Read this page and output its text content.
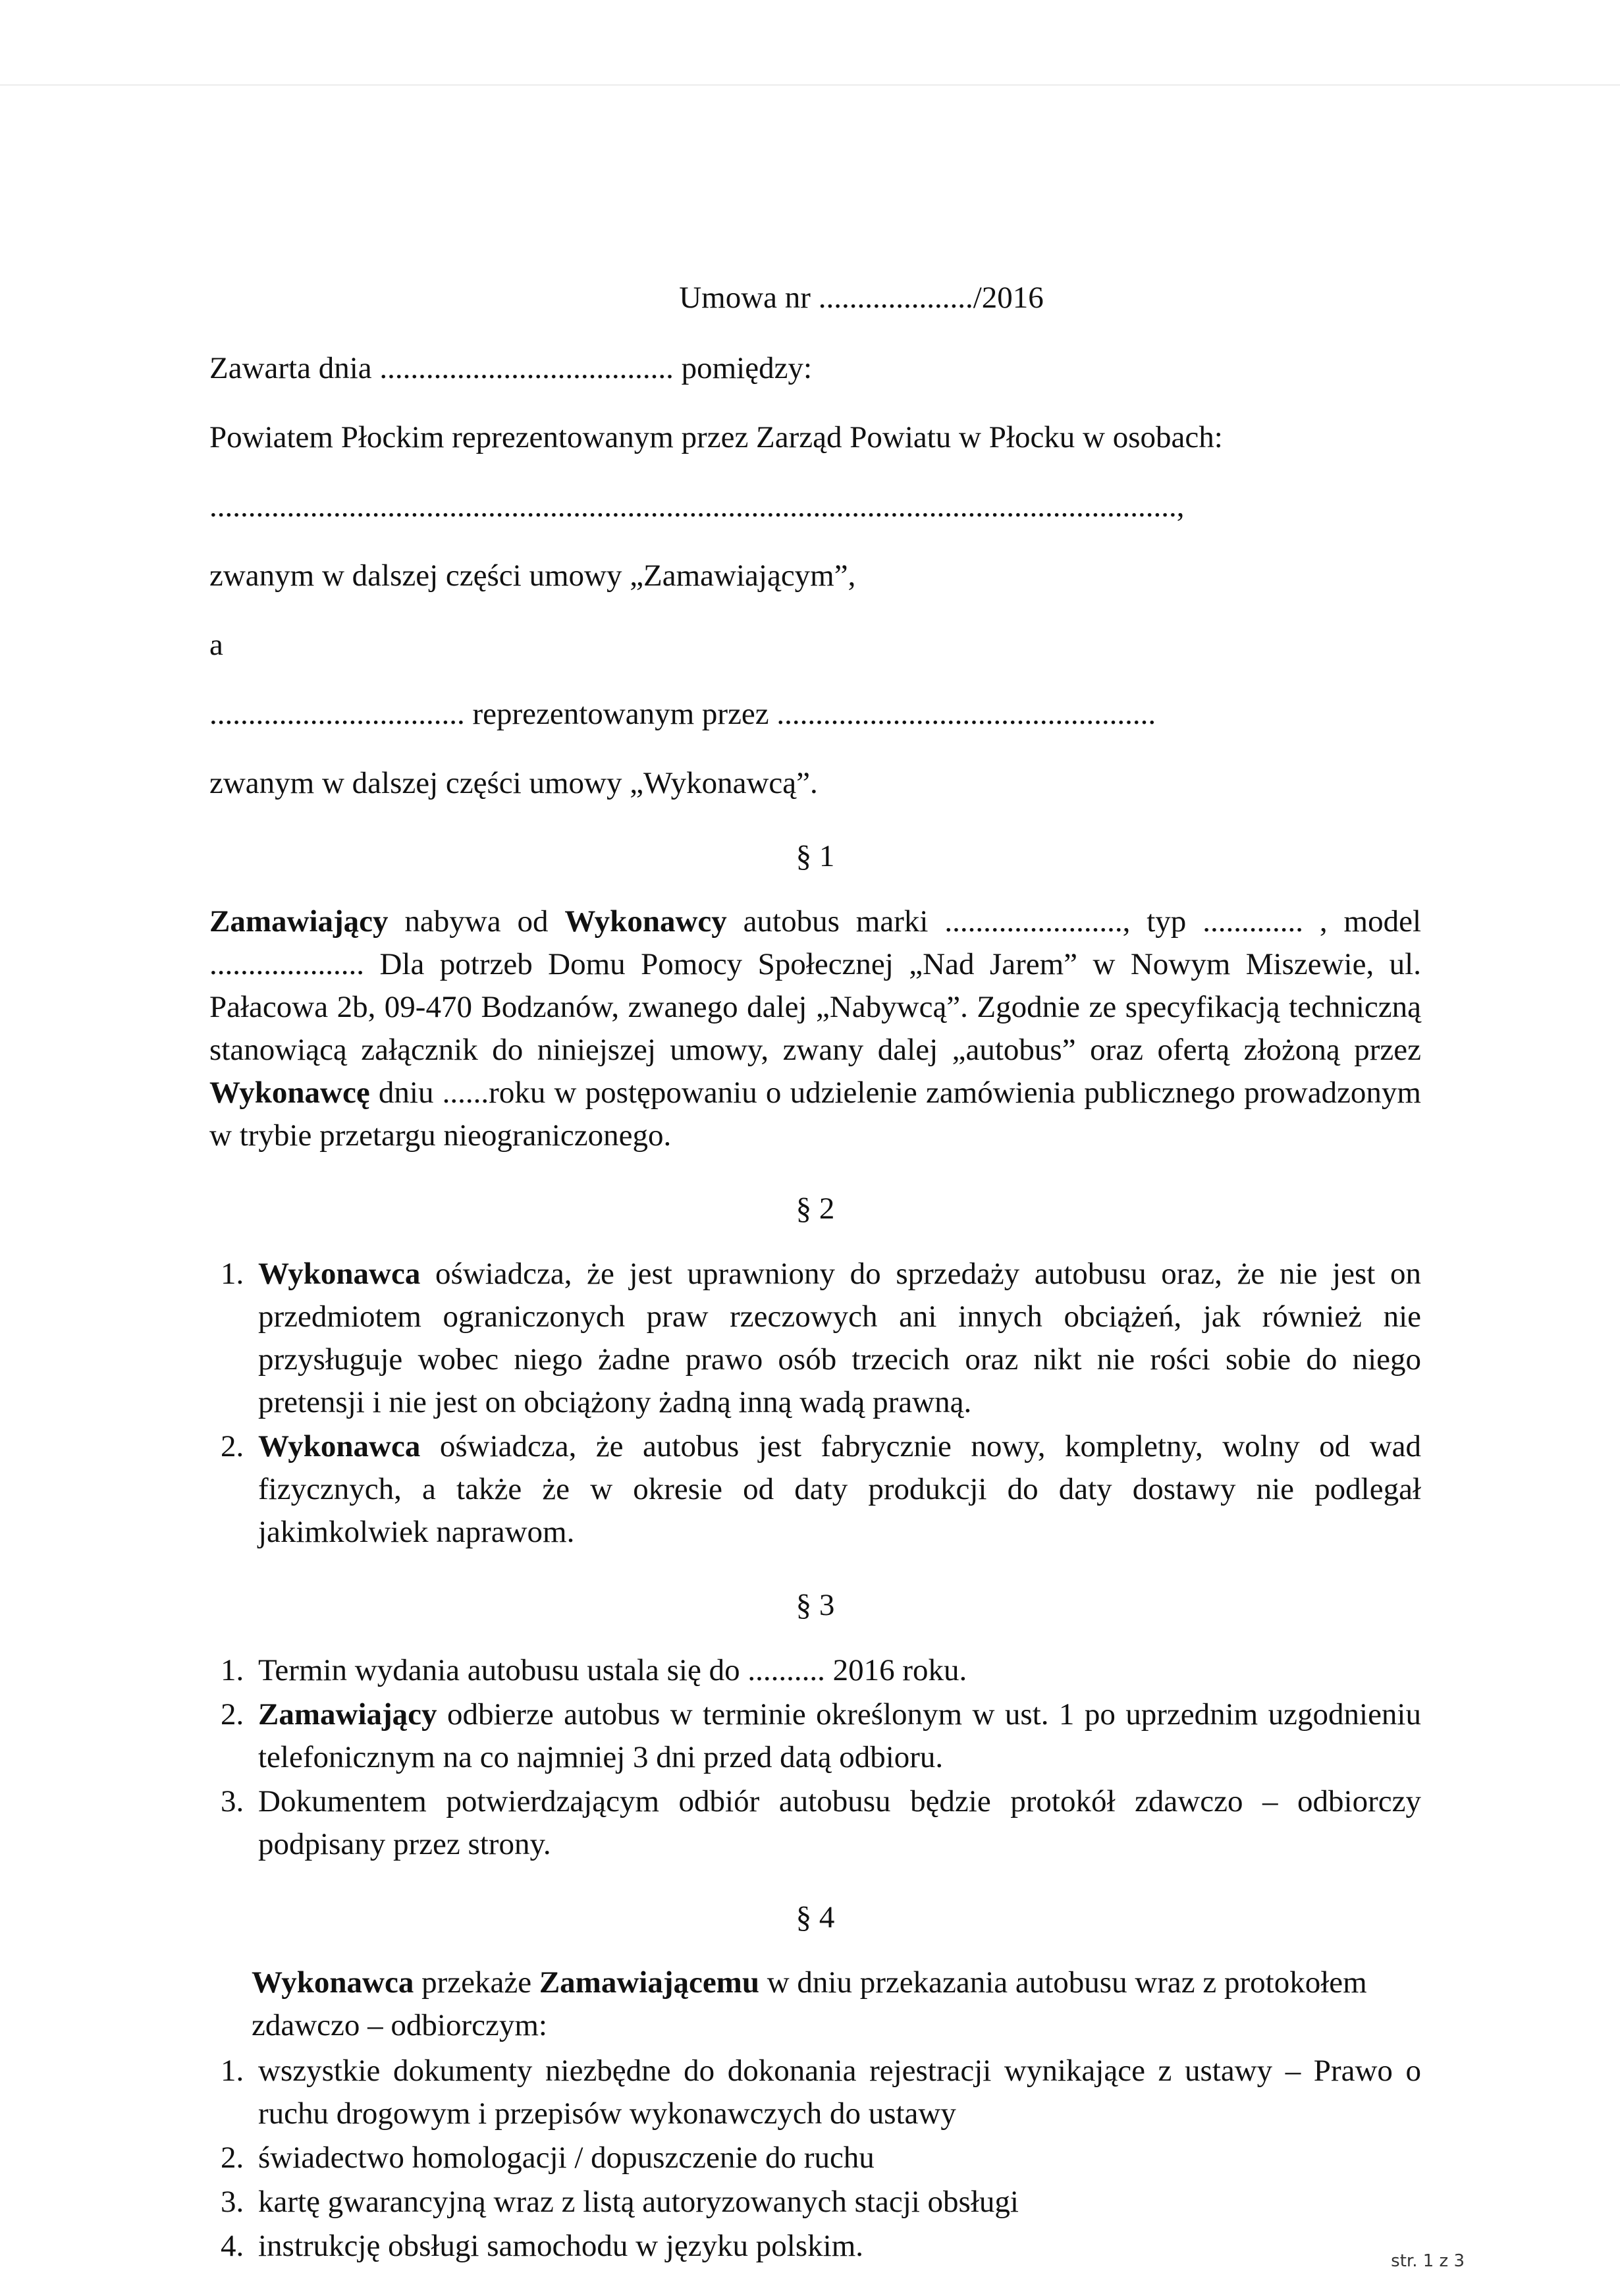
Umowa nr ..................../2016
Zawarta dnia ...................................... pomiędzy:
Powiatem Płockim reprezentowanym przez Zarząd Powiatu w Płocku w osobach:
.............................................................................................................................,
zwanym w dalszej części umowy „Zamawiającym”,
a
................................. reprezentowanym przez .................................................
zwanym w dalszej części umowy „Wykonawcą”.
§ 1
Zamawiający nabywa od Wykonawcy autobus marki ......................., typ ............. , model .................... Dla potrzeb Domu Pomocy Społecznej „Nad Jarem” w Nowym Miszewie, ul. Pałacowa 2b, 09-470 Bodzanów, zwanego dalej „Nabywcą”. Zgodnie ze specyfikacją techniczną stanowiącą załącznik do niniejszej umowy, zwany dalej „autobus” oraz ofertą złożoną przez Wykonawcę dniu ......roku w postępowaniu o udzielenie zamówienia publicznego prowadzonym w trybie przetargu nieograniczonego.
§ 2
1. Wykonawca oświadcza, że jest uprawniony do sprzedaży autobusu oraz, że nie jest on przedmiotem ograniczonych praw rzeczowych ani innych obciążeń, jak również nie przysługuje wobec niego żadne prawo osób trzecich oraz nikt nie rości sobie do niego pretensji i nie jest on obciążony żadną inną wadą prawną.
2. Wykonawca oświadcza, że autobus jest fabrycznie nowy, kompletny, wolny od wad fizycznych, a także że w okresie od daty produkcji do daty dostawy nie podlegał jakimkolwiek naprawom.
§ 3
1. Termin wydania autobusu ustala się do .......... 2016 roku.
2. Zamawiający odbierze autobus w terminie określonym w ust. 1 po uprzednim uzgodnieniu telefonicznym na co najmniej 3 dni przed datą odbioru.
3. Dokumentem potwierdzającym odbiór autobusu będzie protokół zdawczo – odbiorczy podpisany przez strony.
§ 4
Wykonawca przekaże Zamawiającemu w dniu przekazania autobusu wraz z protokołem zdawczo – odbiorczym:
1. wszystkie dokumenty niezbędne do dokonania rejestracji wynikające z ustawy – Prawo o ruchu drogowym i przepisów wykonawczych do ustawy
2. świadectwo homologacji / dopuszczenie do ruchu
3. kartę gwarancyjną wraz z listą autoryzowanych stacji obsługi
4. instrukcję obsługi samochodu w języku polskim.	str. 1 z 3
